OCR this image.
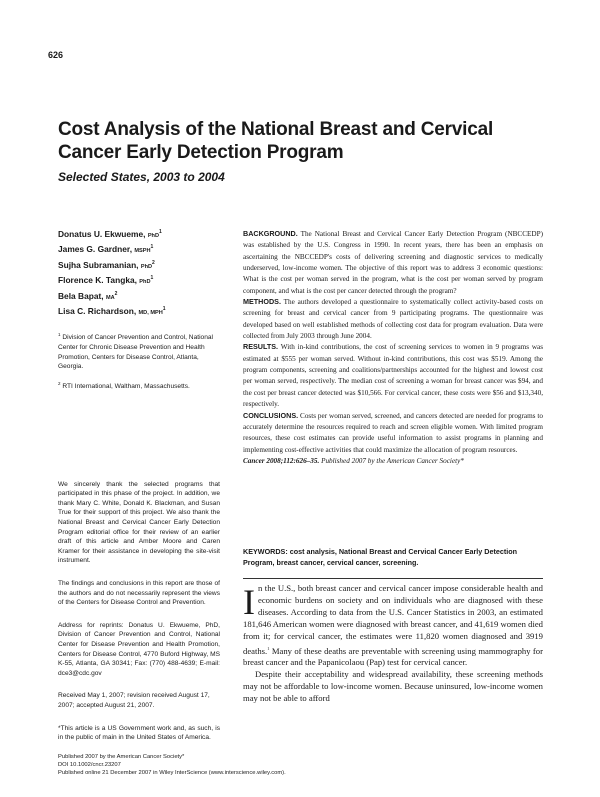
626
Cost Analysis of the National Breast and Cervical Cancer Early Detection Program
Selected States, 2003 to 2004

Donatus U. Ekwueme, PhD$^1$

James G. Gardner, MSPH$^1$

Sujha Subramanian, PhD$^2$

Florence K. Tangka, PhD$^1$

Bela Bapat, $MA^2$

Lisa C. Richardson, MD, MPH$^1$

$^1$ Division of Cancer Prevention and Control, National Center for Chronic Disease Prevention and Health Promotion, Centers for Disease Control, Atlanta, Georgia.

$^2$ RTI International, Waltham, Massachusetts.

We sincerely thank the selected programs that participated in this phase of the project. In addition, we thank Mary C. White, Donald K. Blackman, and Susan True for their support of this project. We also thank the National Breast and Cervical Cancer Early Detection Program editorial office for their review of an earlier draft of this article and Amber Moore and Caren Kramer for their assistance in developing the site-visit instrument.

The findings and conclusions in this report are those of the authors and do not necessarily represent the views of the Centers for Disease Control and Prevention.

Address for reprints: Donatus U. Ekwueme, PhD, Division of Cancer Prevention and Control, National Center for Disease Prevention and Health Promotion, Centers for Disease Control, 4770 Buford Highway, MS K-55, Atlanta, GA 30341; Fax: (770) 488-4639; E-mail: dce3@cdc.gov

Received May 1, 2007; revision received August 17, 2007; accepted August 21, 2007.

*This article is a US Government work and, as such, is in the public of main in the United States of America.

BACKGROUND. The National Breast and Cervical Cancer Early Detection Program (NBCCEDP) was established by the U.S. Congress in 1990. In recent years, there has been an emphasis on ascertaining the NBCCEDP's costs of delivering screening and diagnostic services to medically underserved, low-income women. The objective of this report was to address 3 economic questions: What is the cost per woman served in the program, what is the cost per woman served by program component, and what is the cost per cancer detected through the program?

METHODS. The authors developed a questionnaire to systematically collect activity-based costs on screening for breast and cervical cancer from 9 participating programs. The questionnaire was developed based on well established methods of collecting cost data for program evaluation. Data were collected from July 2003 through June 2004.

RESULTS. With in-kind contributions, the cost of screening services to women in 9 programs was estimated at $555 per woman served. Without in-kind contributions, this cost was $519. Among the program components, screening and coalitions/partnerships accounted for the highest and lowest cost per woman served, respectively. The median cost of screening a woman for breast cancer was $94, and the cost per breast cancer detected was $10,566. For cervical cancer, these costs were $56 and $13,340, respectively.

CONCLUSIONS. Costs per woman served, screened, and cancers detected are needed for programs to accurately determine the resources required to reach and screen eligible women. With limited program resources, these cost estimates can provide useful information to assist programs in planning and implementing cost-effective activities that could maximize the allocation of program resources.
Cancer 2008;112:626–35. Published 2007 by the American Cancer Society*

KEYWORDS: cost analysis, National Breast and Cervical Cancer Early Detection Program, breast cancer, cervical cancer, screening.

In the U.S., both breast cancer and cervical cancer impose considerable health and economic burdens on society and on individuals who are diagnosed with these diseases. According to data from the U.S. Cancer Statistics in 2003, an estimated 181,646 American women were diagnosed with breast cancer, and 41,619 women died from it; for cervical cancer, the estimates were 11,820 women diagnosed and 3919 deaths.$^1$ Many of these deaths are preventable with screening using mammography for breast cancer and the Papanicolaou (Pap) test for cervical cancer.

Despite their acceptability and widespread availability, these screening methods may not be affordable to low-income women. Because uninsured, low-income women may not be able to afford

Published 2007 by the American Cancer Society*
DOI 10.1002/cncr.23207
Published online 21 December 2007 in Wiley InterScience (www.interscience.wiley.com).
